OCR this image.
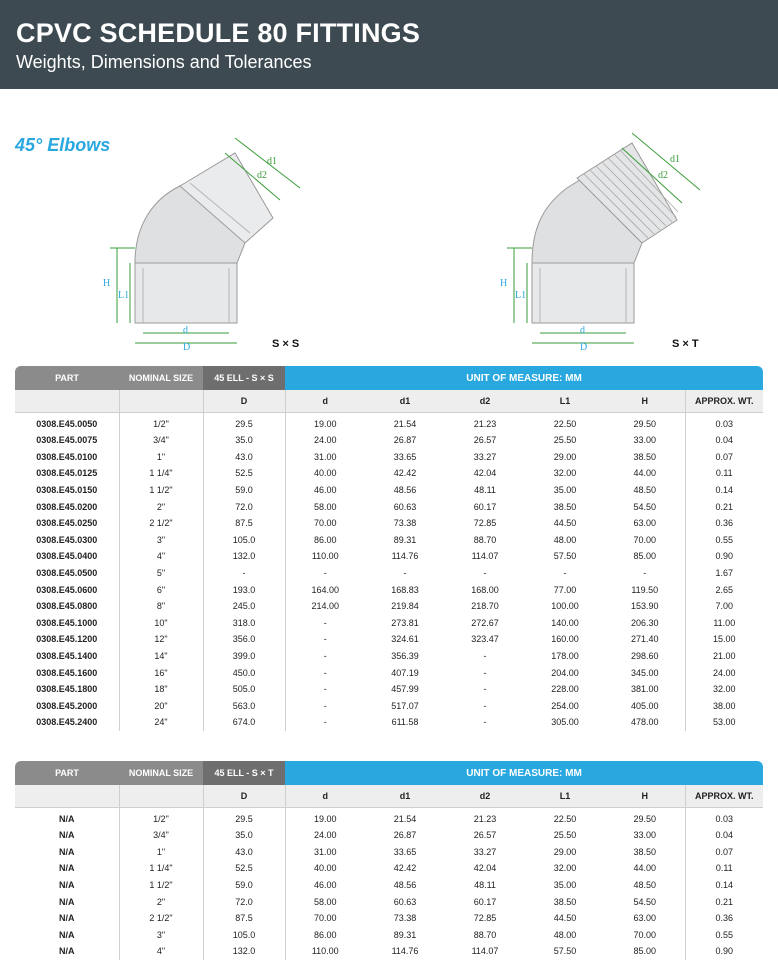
CPVC SCHEDULE 80 FITTINGS
Weights, Dimensions and Tolerances
45° Elbows
d1
d2
H
L1
d
D	S × S
d1
d2
H
L1
d
D	S × T
PART	NOMINAL SIZE	45 ELL - S × S	UNIT OF MEASURE: MM					
		D	d	d1	d2	L1	H	APPROX. WT.
0308.E45.0050	1/2"	29.5	19.00	21.54	21.23	22.50	29.50	0.03
0308.E45.0075	3/4"	35.0	24.00	26.87	26.57	25.50	33.00	0.04
0308.E45.0100	1"	43.0	31.00	33.65	33.27	29.00	38.50	0.07
0308.E45.0125	1 1/4"	52.5	40.00	42.42	42.04	32.00	44.00	0.11
0308.E45.0150	1 1/2"	59.0	46.00	48.56	48.11	35.00	48.50	0.14
0308.E45.0200	2"	72.0	58.00	60.63	60.17	38.50	54.50	0.21
0308.E45.0250	2 1/2"	87.5	70.00	73.38	72.85	44.50	63.00	0.36
0308.E45.0300	3"	105.0	86.00	89.31	88.70	48.00	70.00	0.55
0308.E45.0400	4"	132.0	110.00	114.76	114.07	57.50	85.00	0.90
0308.E45.0500	5"	-	-	-	-	-	-	1.67
0308.E45.0600	6"	193.0	164.00	168.83	168.00	77.00	119.50	2.65
0308.E45.0800	8"	245.0	214.00	219.84	218.70	100.00	153.90	7.00
0308.E45.1000	10"	318.0	-	273.81	272.67	140.00	206.30	11.00
0308.E45.1200	12"	356.0	-	324.61	323.47	160.00	271.40	15.00
0308.E45.1400	14"	399.0	-	356.39	-	178.00	298.60	21.00
0308.E45.1600	16"	450.0	-	407.19	-	204.00	345.00	24.00
0308.E45.1800	18"	505.0	-	457.99	-	228.00	381.00	32.00
0308.E45.2000	20"	563.0	-	517.07	-	254.00	405.00	38.00
0308.E45.2400	24"	674.0	-	611.58	-	305.00	478.00	53.00
PART	NOMINAL SIZE	45 ELL - S × T	UNIT OF MEASURE: MM					
		D	d	d1	d2	L1	H	APPROX. WT.
N/A	1/2"	29.5	19.00	21.54	21.23	22.50	29.50	0.03
N/A	3/4"	35.0	24.00	26.87	26.57	25.50	33.00	0.04
N/A	1"	43.0	31.00	33.65	33.27	29.00	38.50	0.07
N/A	1 1/4"	52.5	40.00	42.42	42.04	32.00	44.00	0.11
N/A	1 1/2"	59.0	46.00	48.56	48.11	35.00	48.50	0.14
N/A	2"	72.0	58.00	60.63	60.17	38.50	54.50	0.21
N/A	2 1/2"	87.5	70.00	73.38	72.85	44.50	63.00	0.36
N/A	3"	105.0	86.00	89.31	88.70	48.00	70.00	0.55
N/A	4"	132.0	110.00	114.76	114.07	57.50	85.00	0.90
